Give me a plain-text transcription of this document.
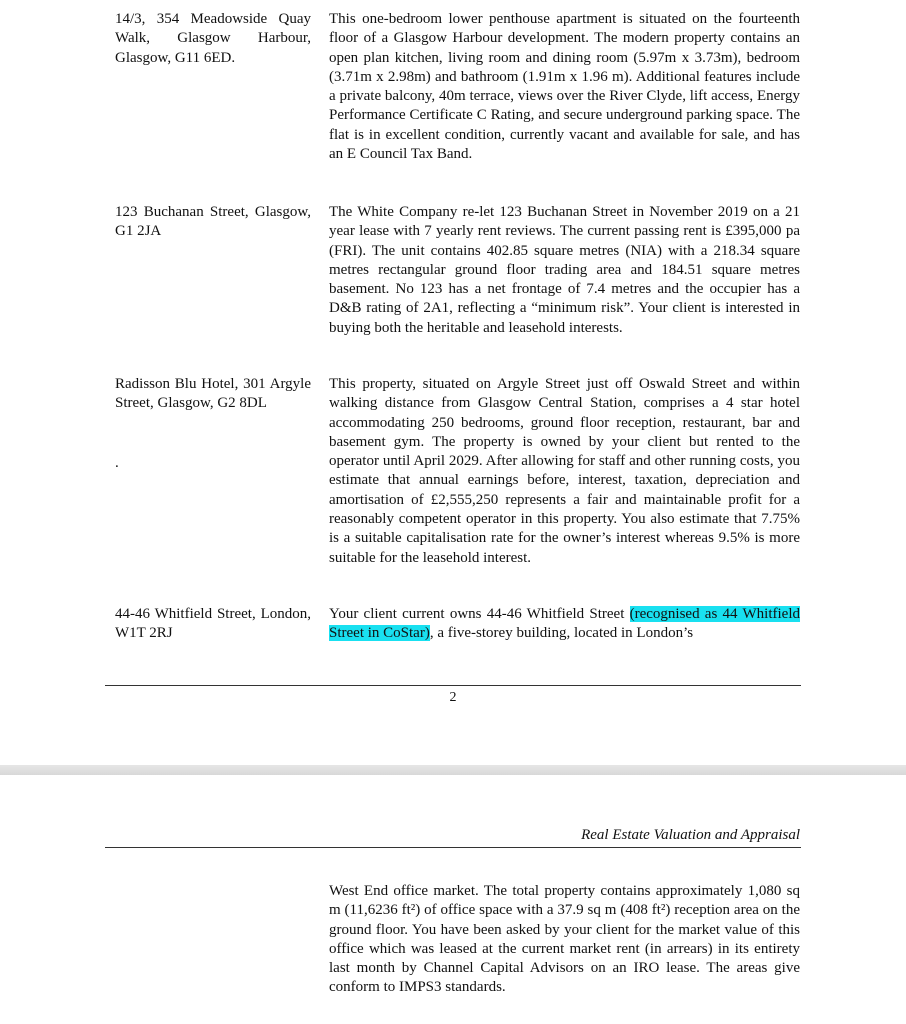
14/3, 354 Meadowside Quay Walk, Glasgow Harbour, Glasgow, G11 6ED.
This one-bedroom lower penthouse apartment is situated on the fourteenth floor of a Glasgow Harbour development. The modern property contains an open plan kitchen, living room and dining room (5.97m x 3.73m), bedroom (3.71m x 2.98m) and bathroom (1.91m x 1.96 m). Additional features include a private balcony, 40m terrace, views over the River Clyde, lift access, Energy Performance Certificate C Rating, and secure underground parking space. The flat is in excellent condition, currently vacant and available for sale, and has an E Council Tax Band.
123 Buchanan Street, Glasgow, G1 2JA
The White Company re-let 123 Buchanan Street in November 2019 on a 21 year lease with 7 yearly rent reviews. The current passing rent is £395,000 pa (FRI). The unit contains 402.85 square metres (NIA) with a 218.34 square metres rectangular ground floor trading area and 184.51 square metres basement. No 123 has a net frontage of 7.4 metres and the occupier has a D&B rating of 2A1, reflecting a “minimum risk”. Your client is interested in buying both the heritable and leasehold interests.
Radisson Blu Hotel, 301 Argyle Street, Glasgow, G2 8DL
.
This property, situated on Argyle Street just off Oswald Street and within walking distance from Glasgow Central Station, comprises a 4 star hotel accommodating 250 bedrooms, ground floor reception, restaurant, bar and basement gym. The property is owned by your client but rented to the operator until April 2029. After allowing for staff and other running costs, you estimate that annual earnings before, interest, taxation, depreciation and amortisation of £2,555,250 represents a fair and maintainable profit for a reasonably competent operator in this property. You also estimate that 7.75% is a suitable capitalisation rate for the owner’s interest whereas 9.5% is more suitable for the leasehold interest.
44-46 Whitfield Street, London, W1T 2RJ
Your client current owns 44-46 Whitfield Street (recognised as 44 Whitfield Street in CoStar), a five-storey building, located in London’s
2
Real Estate Valuation and Appraisal
West End office market. The total property contains approximately 1,080 sq m (11,6236 ft²) of office space with a 37.9 sq m (408 ft²) reception area on the ground floor. You have been asked by your client for the market value of this office which was leased at the current market rent (in arrears) in its entirety last month by Channel Capital Advisors on an IRO lease. The areas give conform to IMPS3 standards.
